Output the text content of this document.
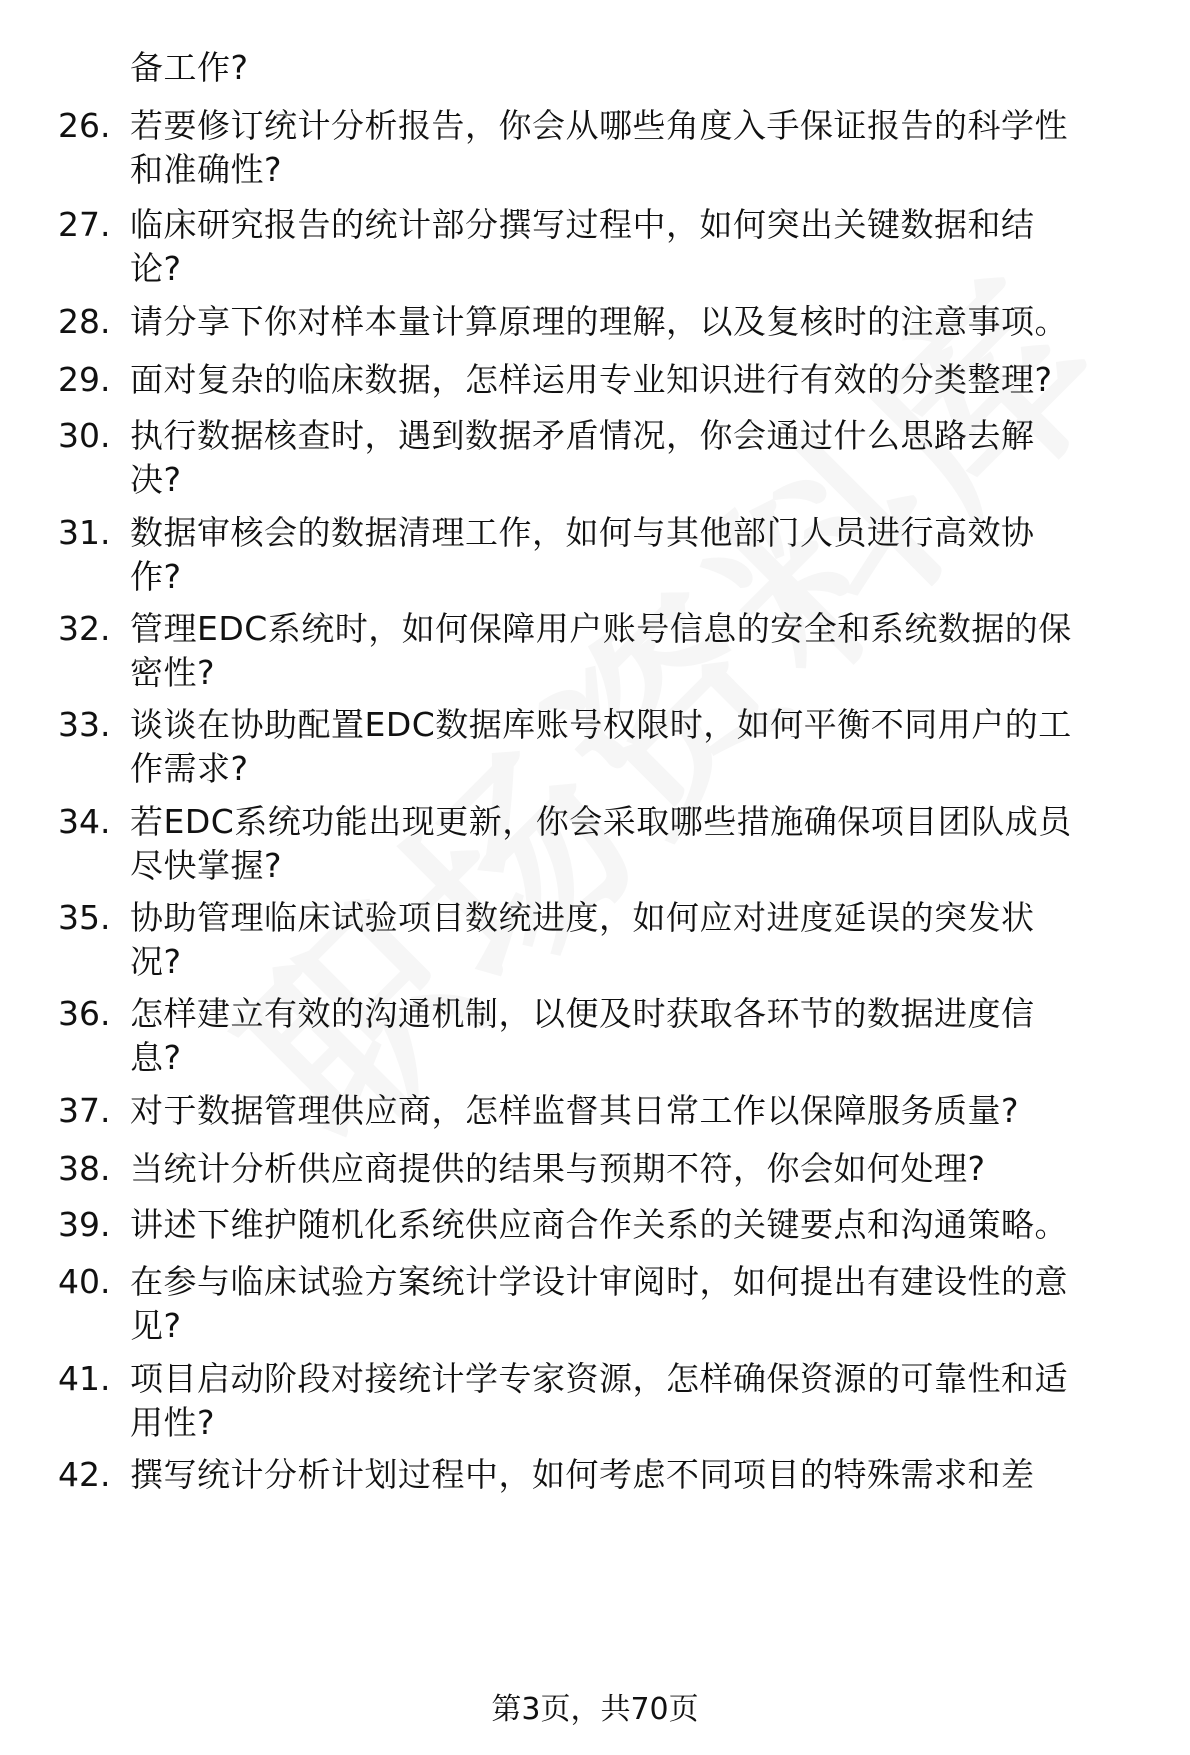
备工作?
26. 若要修订统计分析报告，你会从哪些角度入手保证报告的科学性
和准确性?
27. 临床研究报告的统计部分撰写过程中，如何突出关键数据和结
论?
28. 请分享下你对样本量计算原理的理解，以及复核时的注意事项。
29. 面对复杂的临床数据，怎样运用专业知识进行有效的分类整理?
30. 执行数据核查时，遇到数据矛盾情况，你会通过什么思路去解
决?
31. 数据审核会的数据清理工作，如何与其他部门人员进行高效协
作?
32. 管理EDC系统时，如何保障用户账号信息的安全和系统数据的保
密性?
33. 谈谈在协助配置EDC数据库账号权限时，如何平衡不同用户的工
作需求?
34. 若EDC系统功能出现更新，你会采取哪些措施确保项目团队成员
尽快掌握?
35. 协助管理临床试验项目数统进度，如何应对进度延误的突发状
况?
36. 怎样建立有效的沟通机制，以便及时获取各环节的数据进度信
息?
37. 对于数据管理供应商，怎样监督其日常工作以保障服务质量?
38. 当统计分析供应商提供的结果与预期不符，你会如何处理?
39. 讲述下维护随机化系统供应商合作关系的关键要点和沟通策略。
40. 在参与临床试验方案统计学设计审阅时，如何提出有建设性的意
见?
41. 项目启动阶段对接统计学专家资源，怎样确保资源的可靠性和适
用性?
42. 撰写统计分析计划过程中，如何考虑不同项目的特殊需求和差
第3页，共70页
